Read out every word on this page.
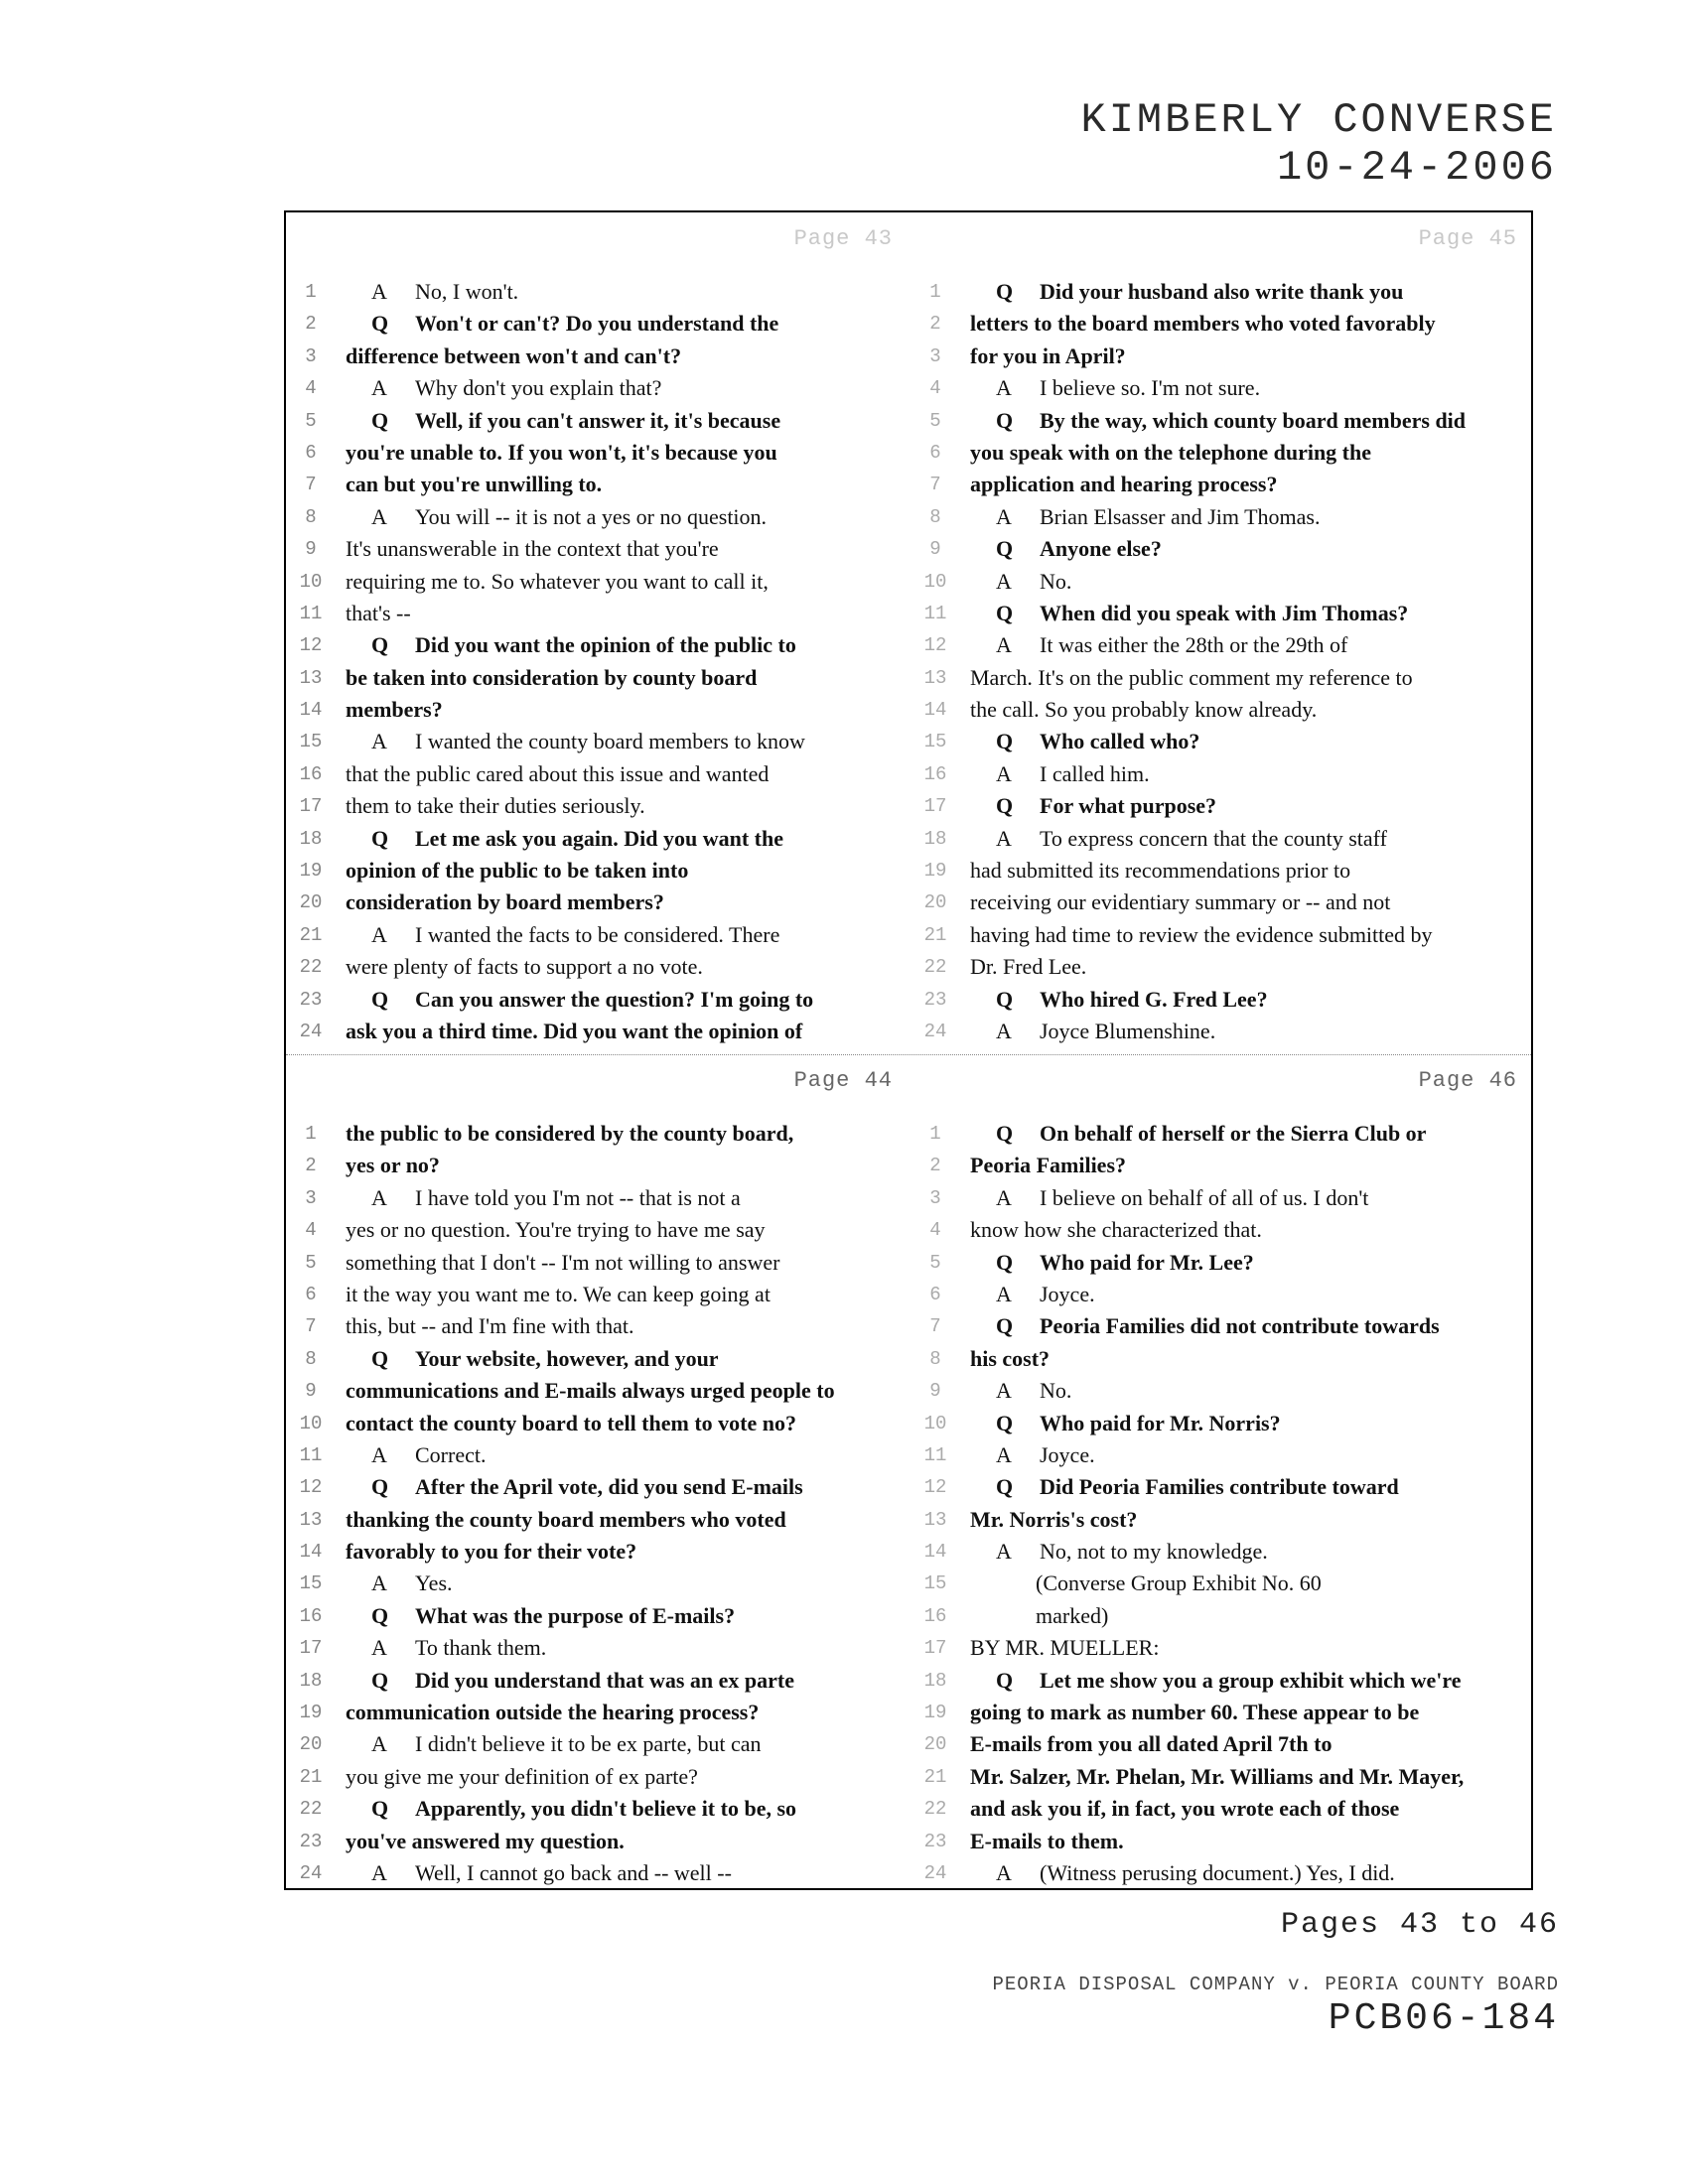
KIMBERLY CONVERSE
10-24-2006
Page 43
1	A No, I won't.
2	Q Won't or can't? Do you understand the
3	difference between won't and can't?
4	A Why don't you explain that?
5	Q Well, if you can't answer it, it's because
6	you're unable to. If you won't, it's because you
7	can but you're unwilling to.
8	A You will -- it is not a yes or no question.
9	It's unanswerable in the context that you're
10 requiring me to. So whatever you want to call it,
11 that's --
12 Q Did you want the opinion of the public to
13 be taken into consideration by county board
14 members?
15 A I wanted the county board members to know
16 that the public cared about this issue and wanted
17 them to take their duties seriously.
18 Q Let me ask you again. Did you want the
19 opinion of the public to be taken into
20 consideration by board members?
21 A I wanted the facts to be considered. There
22 were plenty of facts to support a no vote.
23 Q Can you answer the question? I'm going to
24 ask you a third time. Did you want the opinion of
Page 45
1	Q Did your husband also write thank you
2	letters to the board members who voted favorably
3	for you in April?
4	A I believe so. I'm not sure.
5	Q By the way, which county board members did
6	you speak with on the telephone during the
7	application and hearing process?
8	A Brian Elsasser and Jim Thomas.
9	Q Anyone else?
10 A No.
11 Q When did you speak with Jim Thomas?
12 A It was either the 28th or the 29th of
13 March. It's on the public comment my reference to
14 the call. So you probably know already.
15 Q Who called who?
16 A I called him.
17 Q For what purpose?
18 A To express concern that the county staff
19 had submitted its recommendations prior to
20 receiving our evidentiary summary or -- and not
21 having had time to review the evidence submitted by
22 Dr. Fred Lee.
23 Q Who hired G. Fred Lee?
24 A Joyce Blumenshine.
Page 44
1	the public to be considered by the county board,
2	yes or no?
3	A I have told you I'm not -- that is not a
4	yes or no question. You're trying to have me say
5	something that I don't -- I'm not willing to answer
6	it the way you want me to. We can keep going at
7	this, but -- and I'm fine with that.
8	Q Your website, however, and your
9	communications and E-mails always urged people to
10 contact the county board to tell them to vote no?
11 A Correct.
12 Q After the April vote, did you send E-mails
13 thanking the county board members who voted
14 favorably to you for their vote?
15 A Yes.
16 Q What was the purpose of E-mails?
17 A To thank them.
18 Q Did you understand that was an ex parte
19 communication outside the hearing process?
20 A I didn't believe it to be ex parte, but can
21 you give me your definition of ex parte?
22 Q Apparently, you didn't believe it to be, so
23 you've answered my question.
24 A Well, I cannot go back and -- well --
Page 46
1	Q On behalf of herself or the Sierra Club or
2	Peoria Families?
3	A I believe on behalf of all of us. I don't
4	know how she characterized that.
5	Q Who paid for Mr. Lee?
6	A Joyce.
7	Q Peoria Families did not contribute towards
8	his cost?
9	A No.
10 Q Who paid for Mr. Norris?
11 A Joyce.
12 Q Did Peoria Families contribute toward
13 Mr. Norris's cost?
14 A No, not to my knowledge.
15	(Converse Group Exhibit No. 60
16	marked)
17 BY MR. MUELLER:
18 Q Let me show you a group exhibit which we're
19 going to mark as number 60. These appear to be
20 E-mails from you all dated April 7th to
21 Mr. Salzer, Mr. Phelan, Mr. Williams and Mr. Mayer,
22 and ask you if, in fact, you wrote each of those
23 E-mails to them.
24 A (Witness perusing document.) Yes, I did.
Pages 43 to 46
PEORIA DISPOSAL COMPANY v. PEORIA COUNTY BOARD
PCB06-184
